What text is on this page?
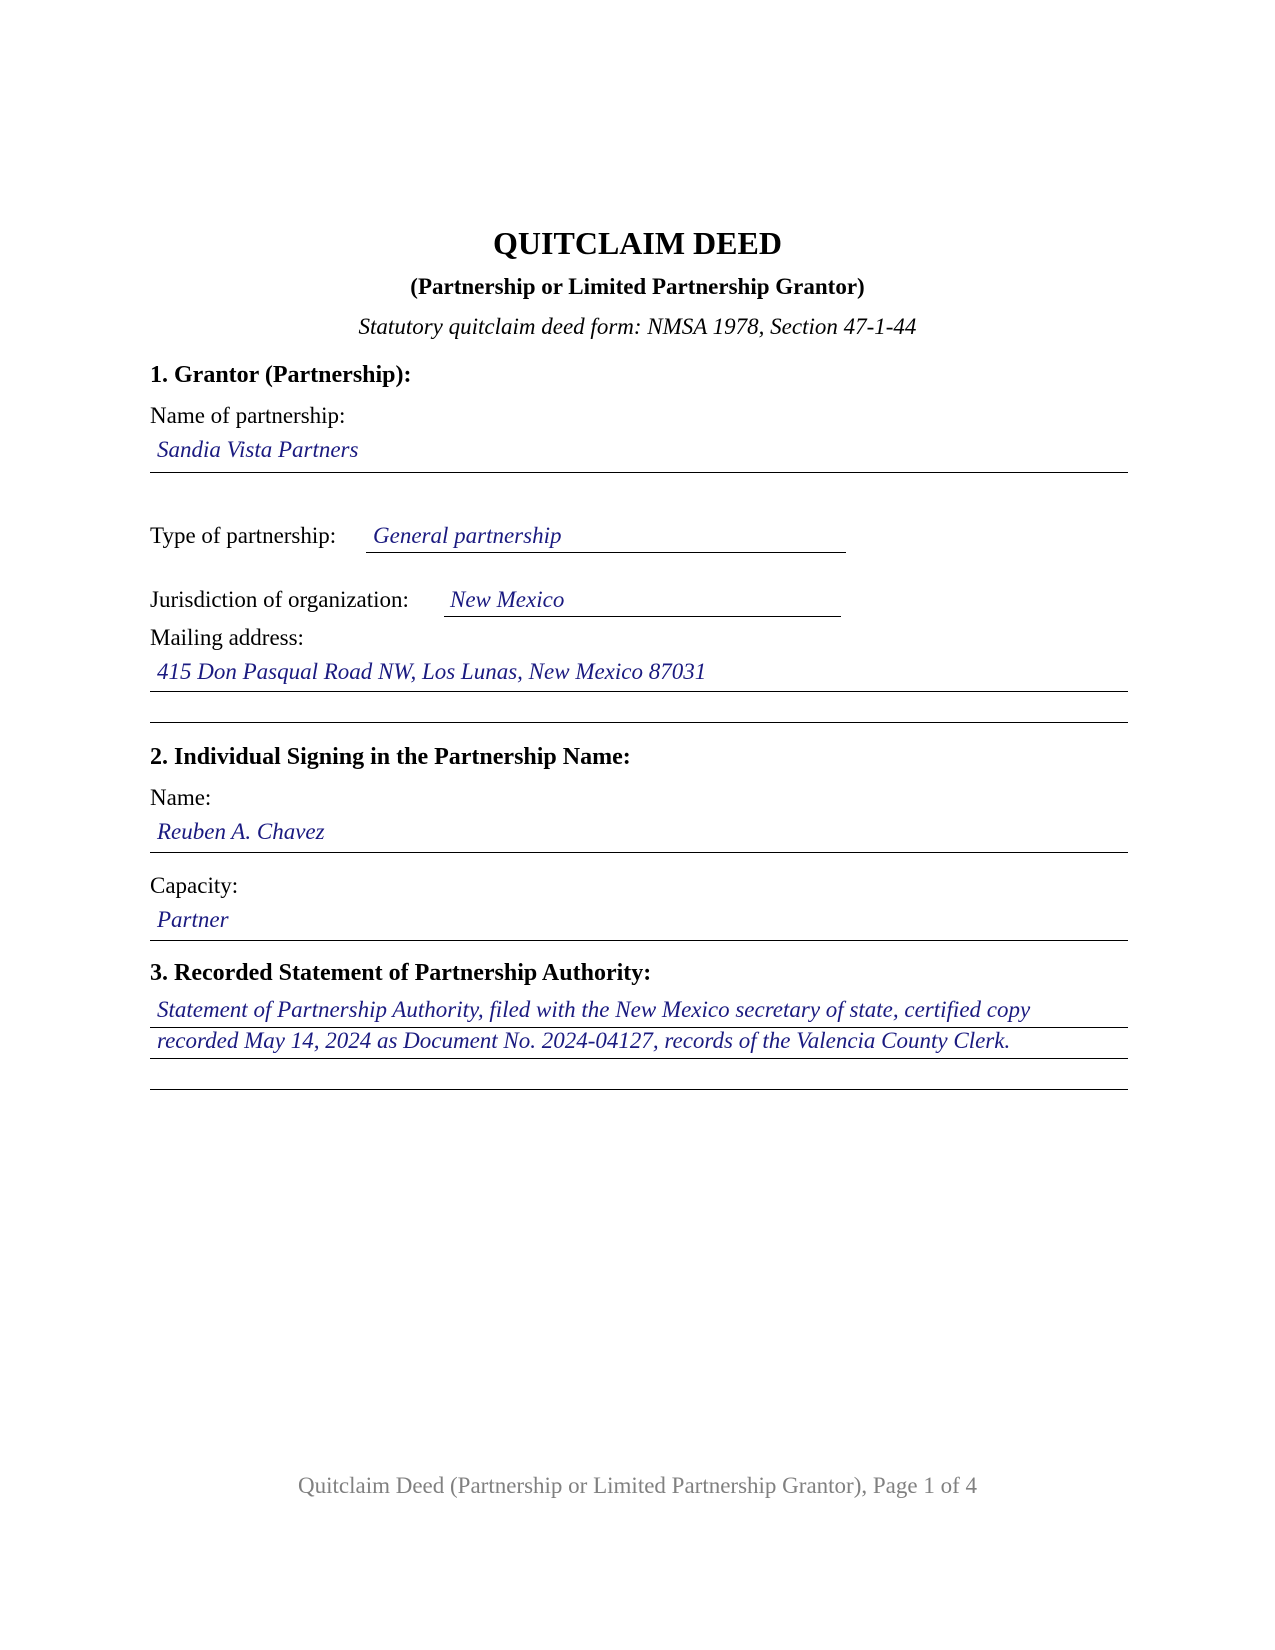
QUITCLAIM DEED
(Partnership or Limited Partnership Grantor)
Statutory quitclaim deed form: NMSA 1978, Section 47-1-44
1. Grantor (Partnership):
Name of partnership:
Sandia Vista Partners
Type of partnership: General partnership
Jurisdiction of organization: New Mexico
Mailing address:
415 Don Pasqual Road NW, Los Lunas, New Mexico 87031
2. Individual Signing in the Partnership Name:
Name:
Reuben A. Chavez
Capacity:
Partner
3. Recorded Statement of Partnership Authority:
Statement of Partnership Authority, filed with the New Mexico secretary of state, certified copy
recorded May 14, 2024 as Document No. 2024-04127, records of the Valencia County Clerk.
Quitclaim Deed (Partnership or Limited Partnership Grantor), Page 1 of 4
